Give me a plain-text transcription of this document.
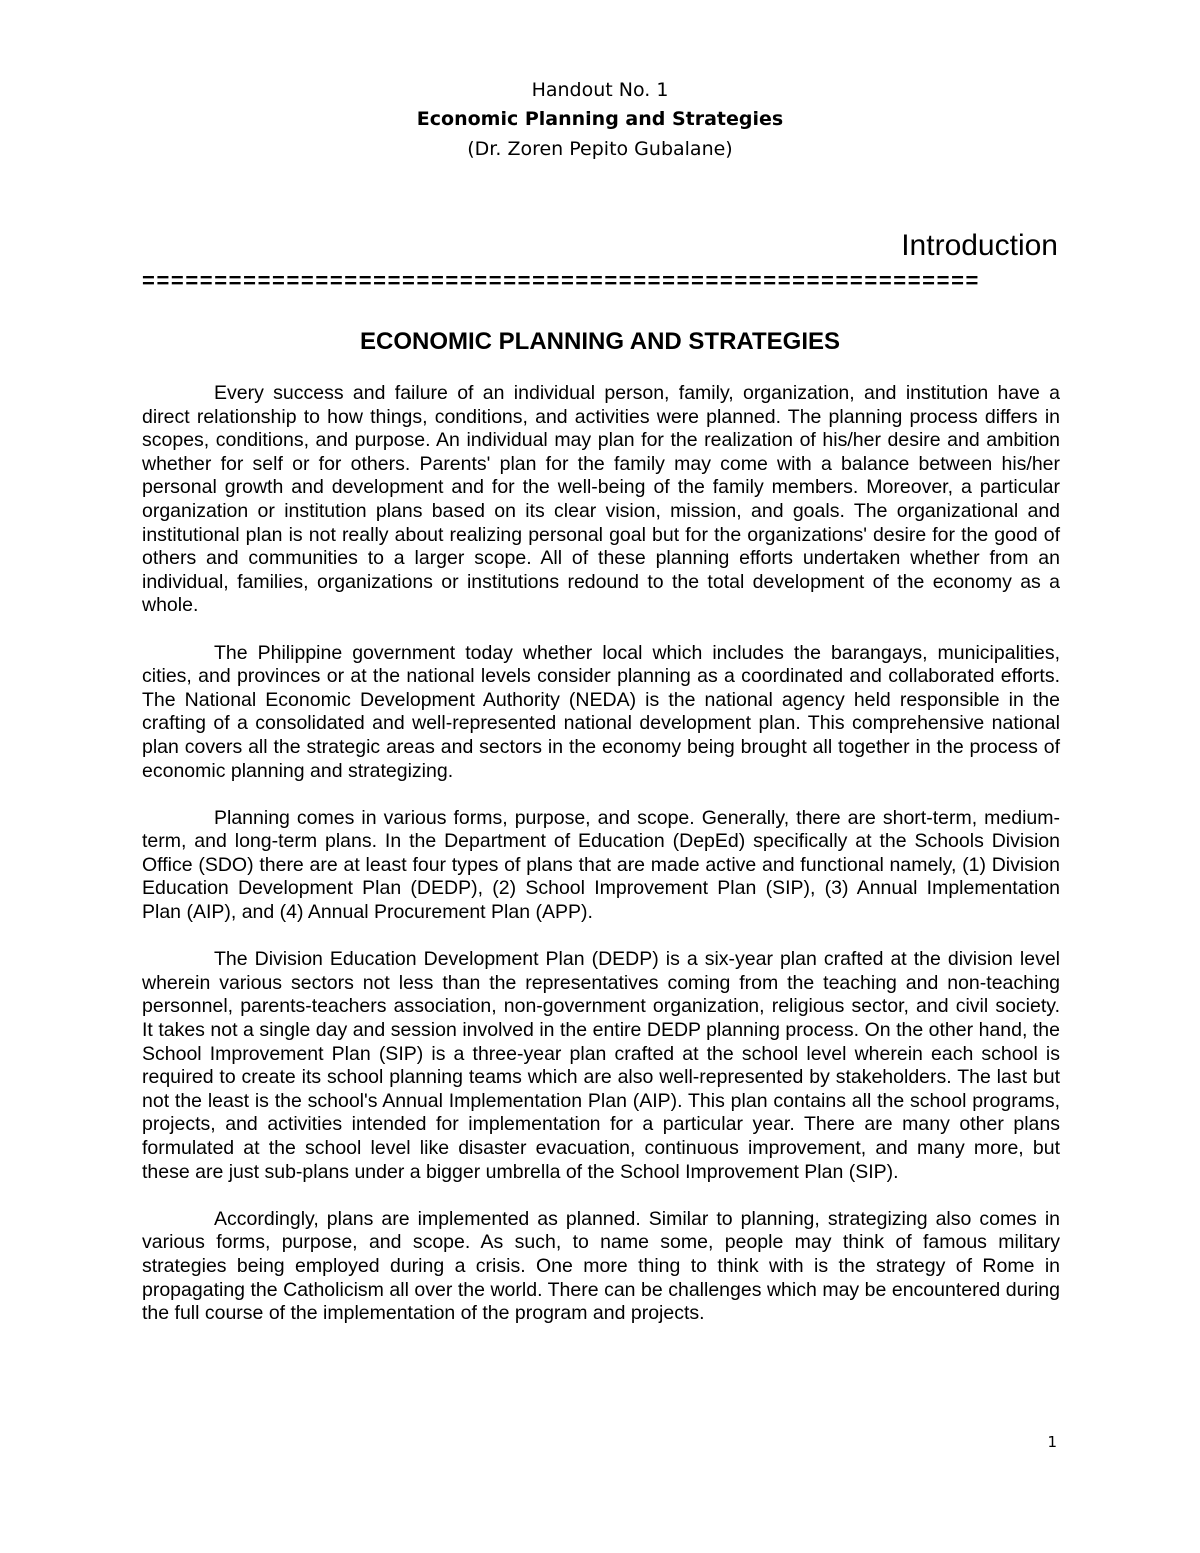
Handout No. 1
Economic Planning and Strategies
(Dr. Zoren Pepito Gubalane)
Introduction
==========================================================
ECONOMIC PLANNING AND STRATEGIES

Every success and failure of an individual person, family, organization, and institution have a direct relationship to how things, conditions, and activities were planned. The planning process differs in scopes, conditions, and purpose. An individual may plan for the realization of his/her desire and ambition whether for self or for others. Parents' plan for the family may come with a balance between his/her personal growth and development and for the well-being of the family members. Moreover, a particular organization or institution plans based on its clear vision, mission, and goals. The organizational and institutional plan is not really about realizing personal goal but for the organizations' desire for the good of others and communities to a larger scope. All of these planning efforts undertaken whether from an individual, families, organizations or institutions redound to the total development of the economy as a whole.

The Philippine government today whether local which includes the barangays, municipalities, cities, and provinces or at the national levels consider planning as a coordinated and collaborated efforts. The National Economic Development Authority (NEDA) is the national agency held responsible in the crafting of a consolidated and well-represented national development plan. This comprehensive national plan covers all the strategic areas and sectors in the economy being brought all together in the process of economic planning and strategizing.

Planning comes in various forms, purpose, and scope. Generally, there are short-term, medium-term, and long-term plans. In the Department of Education (DepEd) specifically at the Schools Division Office (SDO) there are at least four types of plans that are made active and functional namely, (1) Division Education Development Plan (DEDP), (2) School Improvement Plan (SIP), (3) Annual Implementation Plan (AIP), and (4) Annual Procurement Plan (APP).

The Division Education Development Plan (DEDP) is a six-year plan crafted at the division level wherein various sectors not less than the representatives coming from the teaching and non-teaching personnel, parents-teachers association, non-government organization, religious sector, and civil society. It takes not a single day and session involved in the entire DEDP planning process. On the other hand, the School Improvement Plan (SIP) is a three-year plan crafted at the school level wherein each school is required to create its school planning teams which are also well-represented by stakeholders. The last but not the least is the school's Annual Implementation Plan (AIP). This plan contains all the school programs, projects, and activities intended for implementation for a particular year. There are many other plans formulated at the school level like disaster evacuation, continuous improvement, and many more, but these are just sub-plans under a bigger umbrella of the School Improvement Plan (SIP).

Accordingly, plans are implemented as planned. Similar to planning, strategizing also comes in various forms, purpose, and scope. As such, to name some, people may think of famous military strategies being employed during a crisis. One more thing to think with is the strategy of Rome in propagating the Catholicism all over the world. There can be challenges which may be encountered during the full course of the implementation of the program and projects.

1
